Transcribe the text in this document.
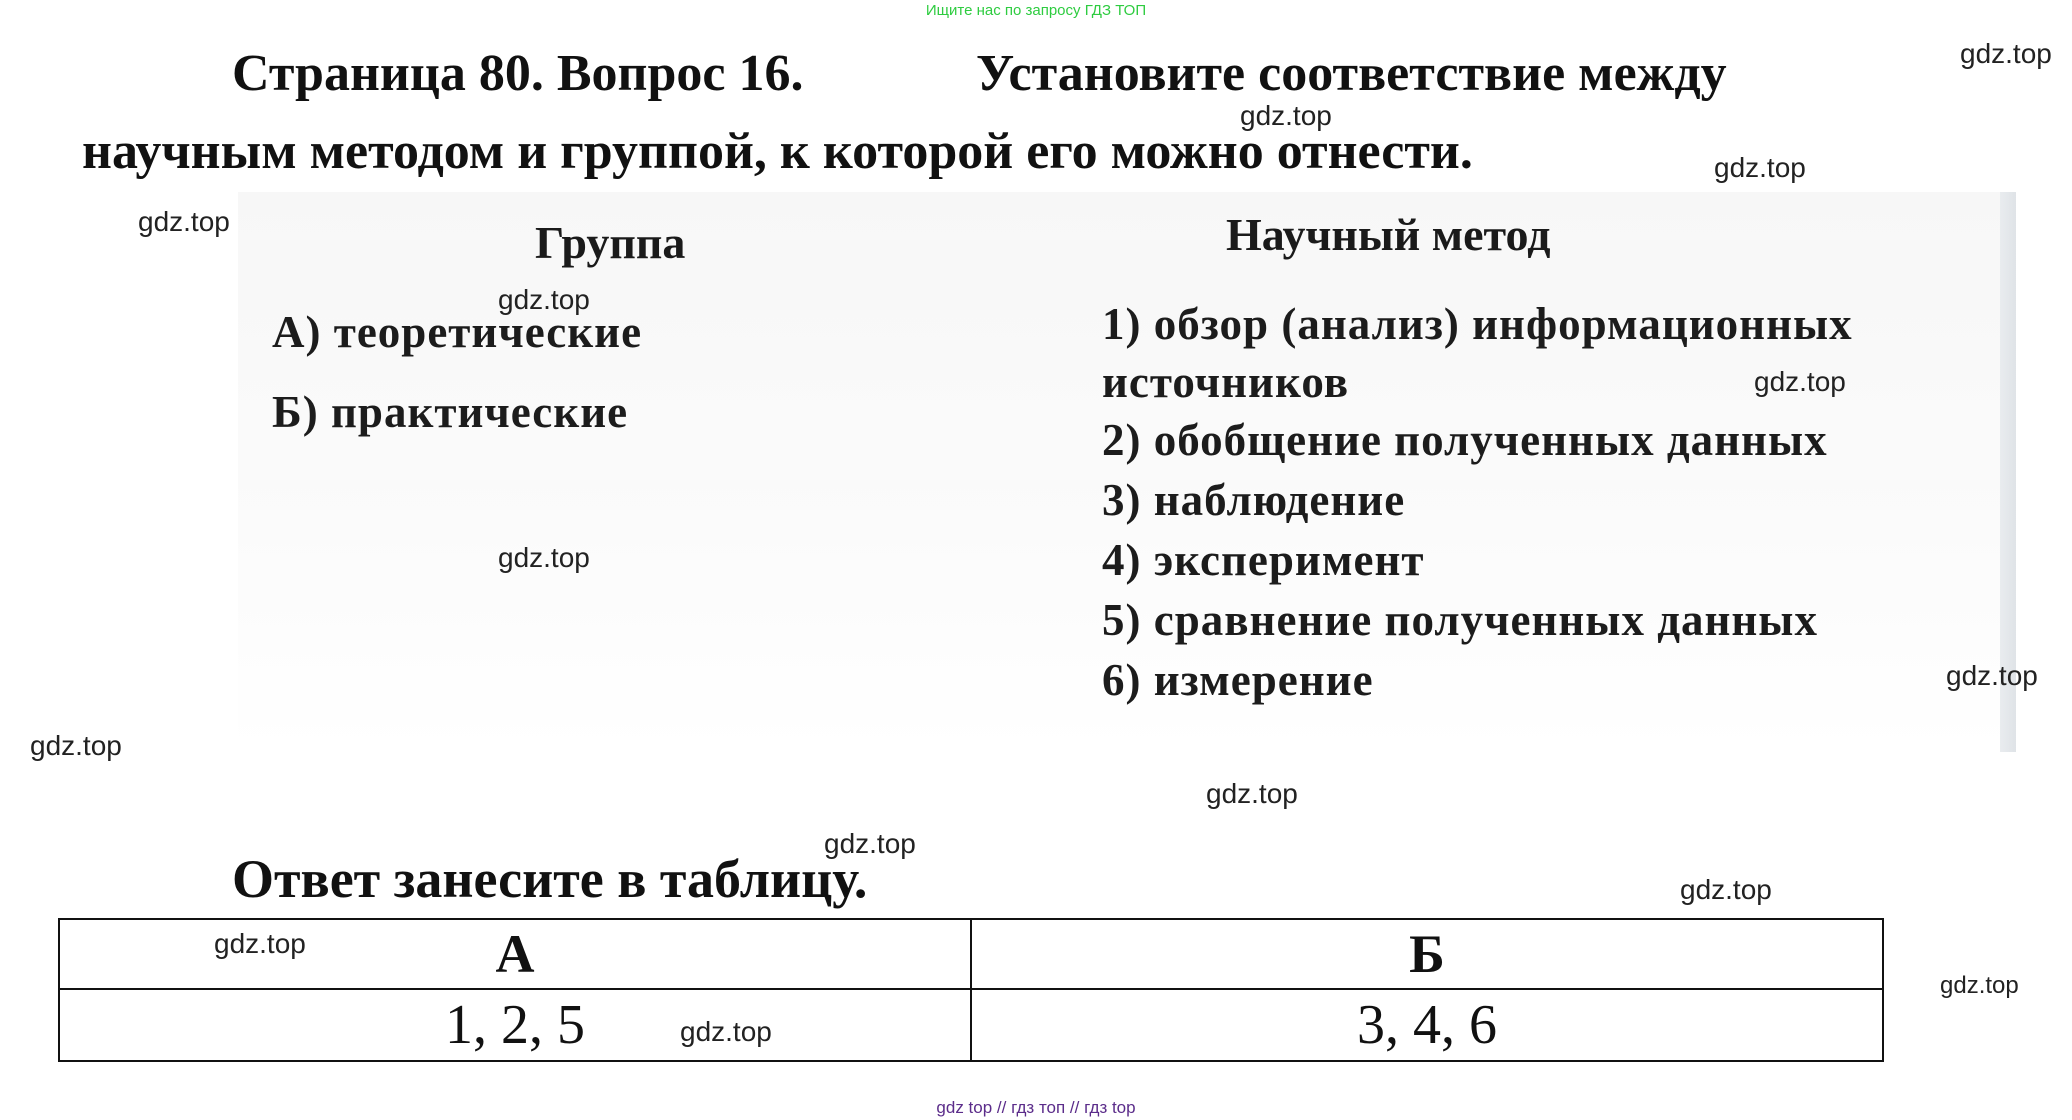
Ищите нас по запросу ГДЗ ТОП
Страница 80. Вопрос 16.	Установите соответствие между
научным методом и группой, к которой его можно отнести.
Группа	Научный метод
А) теоретические
Б) практические
1) обзор (анализ) информационных
источников
2) обобщение полученных данных
3) наблюдение
4) эксперимент
5) сравнение полученных данных
6) измерение
Ответ занесите в таблицу.
А	Б
1, 2, 5	3, 4, 6
gdz.top
gdz.top
gdz.top
gdz.top
gdz.top
gdz.top
gdz.top
gdz.top
gdz.top
gdz.top
gdz.top
gdz.top
gdz.top
gdz.top
gdz.top
gdz top // гдз топ // гдз top
